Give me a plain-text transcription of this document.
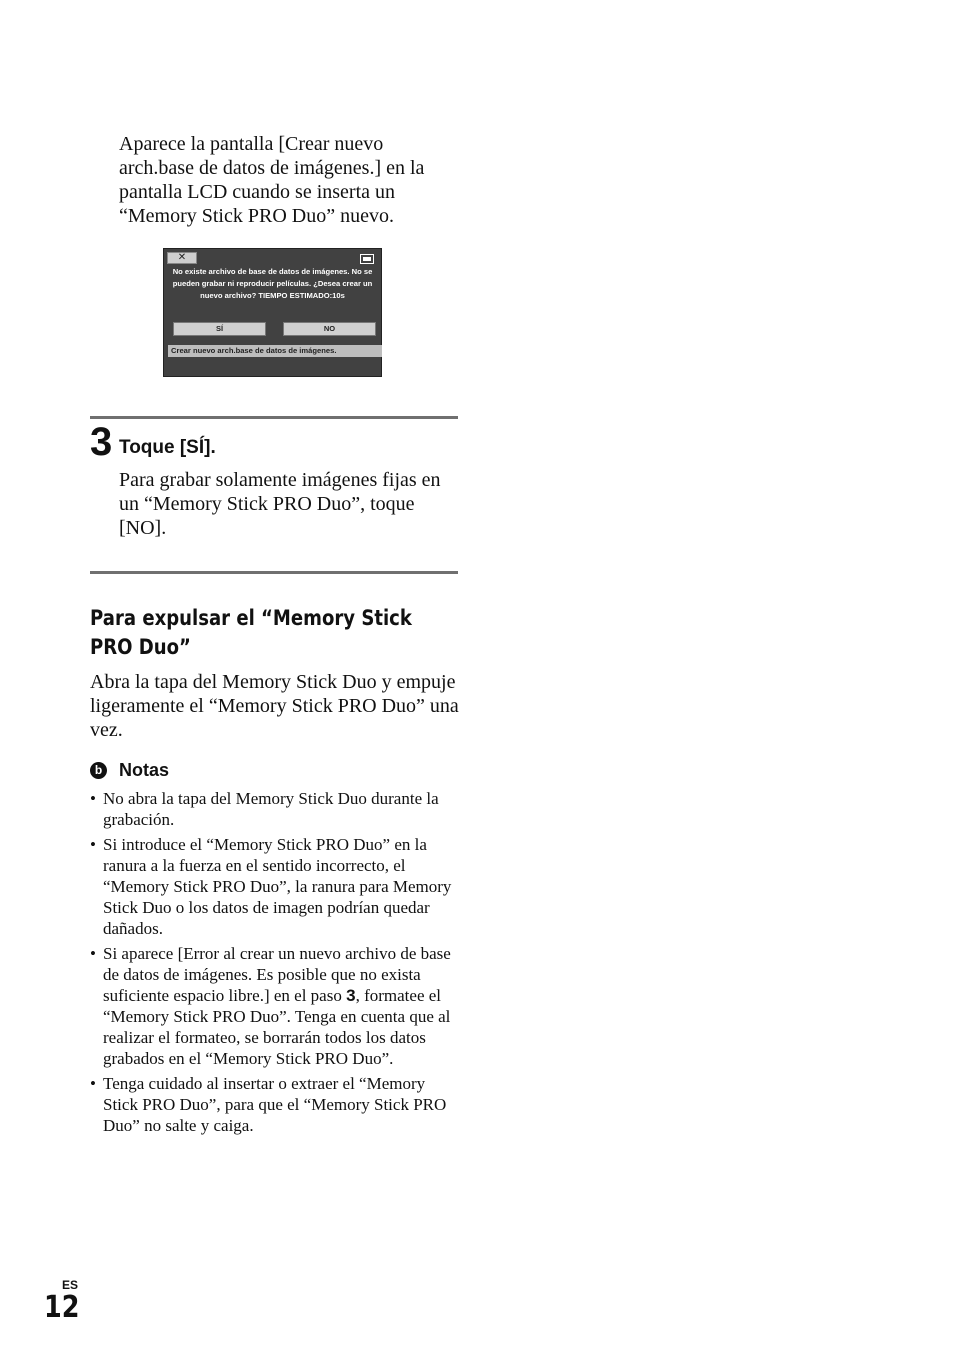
Aparece la pantalla [Crear nuevo arch.base de datos de imágenes.] en la pantalla LCD cuando se inserta un “Memory Stick PRO Duo” nuevo.

✕
No existe archivo de base de datos de imágenes. No se pueden grabar ni reproducir películas. ¿Desea crear un nuevo archivo? TIEMPO ESTIMADO:10s
SÍ	NO
Crear nuevo arch.base de datos de imágenes.
3 Toque [SÍ].

Para grabar solamente imágenes fijas en un “Memory Stick PRO Duo”, toque [NO].

Para expulsar el “Memory Stick PRO Duo”

Abra la tapa del Memory Stick Duo y empuje ligeramente el “Memory Stick PRO Duo” una vez.

b Notas
• No abra la tapa del Memory Stick Duo durante la grabación.
• Si introduce el “Memory Stick PRO Duo” en la ranura a la fuerza en el sentido incorrecto, el “Memory Stick PRO Duo”, la ranura para Memory Stick Duo o los datos de imagen podrían quedar dañados.
• Si aparece [Error al crear un nuevo archivo de base de datos de imágenes. Es posible que no exista suficiente espacio libre.] en el paso 3, formatee el “Memory Stick PRO Duo”. Tenga en cuenta que al realizar el formateo, se borrarán todos los datos grabados en el “Memory Stick PRO Duo”.
• Tenga cuidado al insertar o extraer el “Memory Stick PRO Duo”, para que el “Memory Stick PRO Duo” no salte y caiga.
ES
12
